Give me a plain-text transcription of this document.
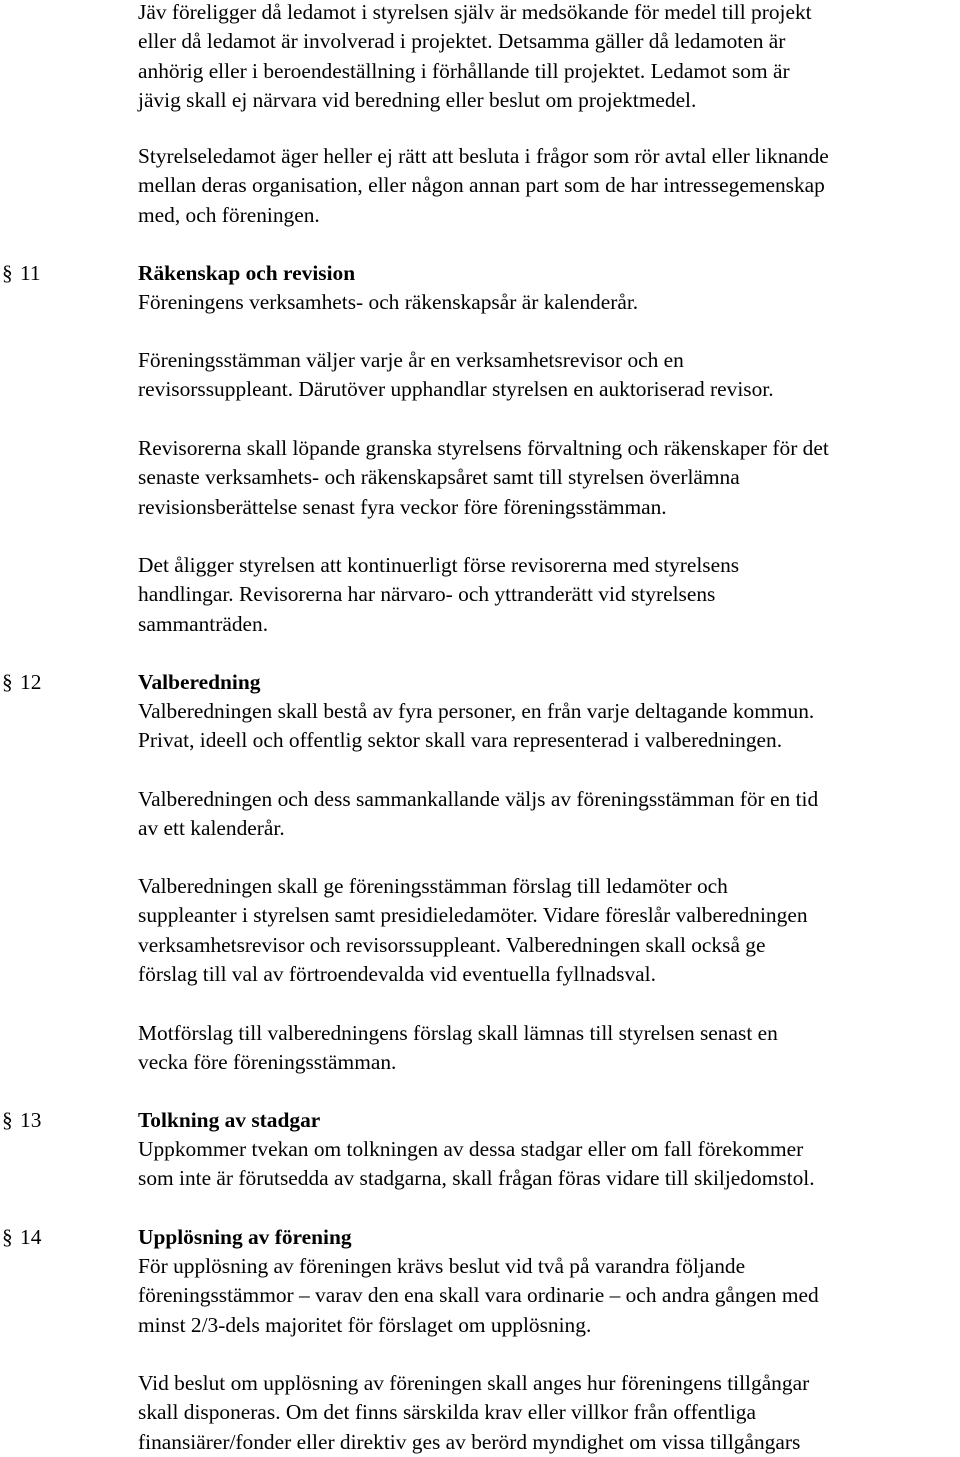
Jäv föreligger då ledamot i styrelsen själv är medsökande för medel till projekt
eller då ledamot är involverad i projektet. Detsamma gäller då ledamoten är
anhörig eller i beroendeställning i förhållande till projektet. Ledamot som är
jävig skall ej närvara vid beredning eller beslut om projektmedel.
Styrelseledamot äger heller ej rätt att besluta i frågor som rör avtal eller liknande
mellan deras organisation, eller någon annan part som de har intressegemenskap
med, och föreningen.
§ 11	Räkenskap och revision
Föreningens verksamhets- och räkenskapsår är kalenderår.
Föreningsstämman väljer varje år en verksamhetsrevisor och en
revisorssuppleant. Därutöver upphandlar styrelsen en auktoriserad revisor.
Revisorerna skall löpande granska styrelsens förvaltning och räkenskaper för det
senaste verksamhets- och räkenskapsåret samt till styrelsen överlämna
revisionsberättelse senast fyra veckor före föreningsstämman.
Det åligger styrelsen att kontinuerligt förse revisorerna med styrelsens
handlingar. Revisorerna har närvaro- och yttranderätt vid styrelsens
sammanträden.
§ 12	Valberedning
Valberedningen skall bestå av fyra personer, en från varje deltagande kommun.
Privat, ideell och offentlig sektor skall vara representerad i valberedningen.
Valberedningen och dess sammankallande väljs av föreningsstämman för en tid
av ett kalenderår.
Valberedningen skall ge föreningsstämman förslag till ledamöter och
suppleanter i styrelsen samt presidieledamöter. Vidare föreslår valberedningen
verksamhetsrevisor och revisorssuppleant. Valberedningen skall också ge
förslag till val av förtroendevalda vid eventuella fyllnadsval.
Motförslag till valberedningens förslag skall lämnas till styrelsen senast en
vecka före föreningsstämman.
§ 13	Tolkning av stadgar
Uppkommer tvekan om tolkningen av dessa stadgar eller om fall förekommer
som inte är förutsedda av stadgarna, skall frågan föras vidare till skiljedomstol.
§ 14	Upplösning av förening
För upplösning av föreningen krävs beslut vid två på varandra följande
föreningsstämmor – varav den ena skall vara ordinarie – och andra gången med
minst 2/3-dels majoritet för förslaget om upplösning.
Vid beslut om upplösning av föreningen skall anges hur föreningens tillgångar
skall disponeras. Om det finns särskilda krav eller villkor från offentliga
finansiärer/fonder eller direktiv ges av berörd myndighet om vissa tillgångars
